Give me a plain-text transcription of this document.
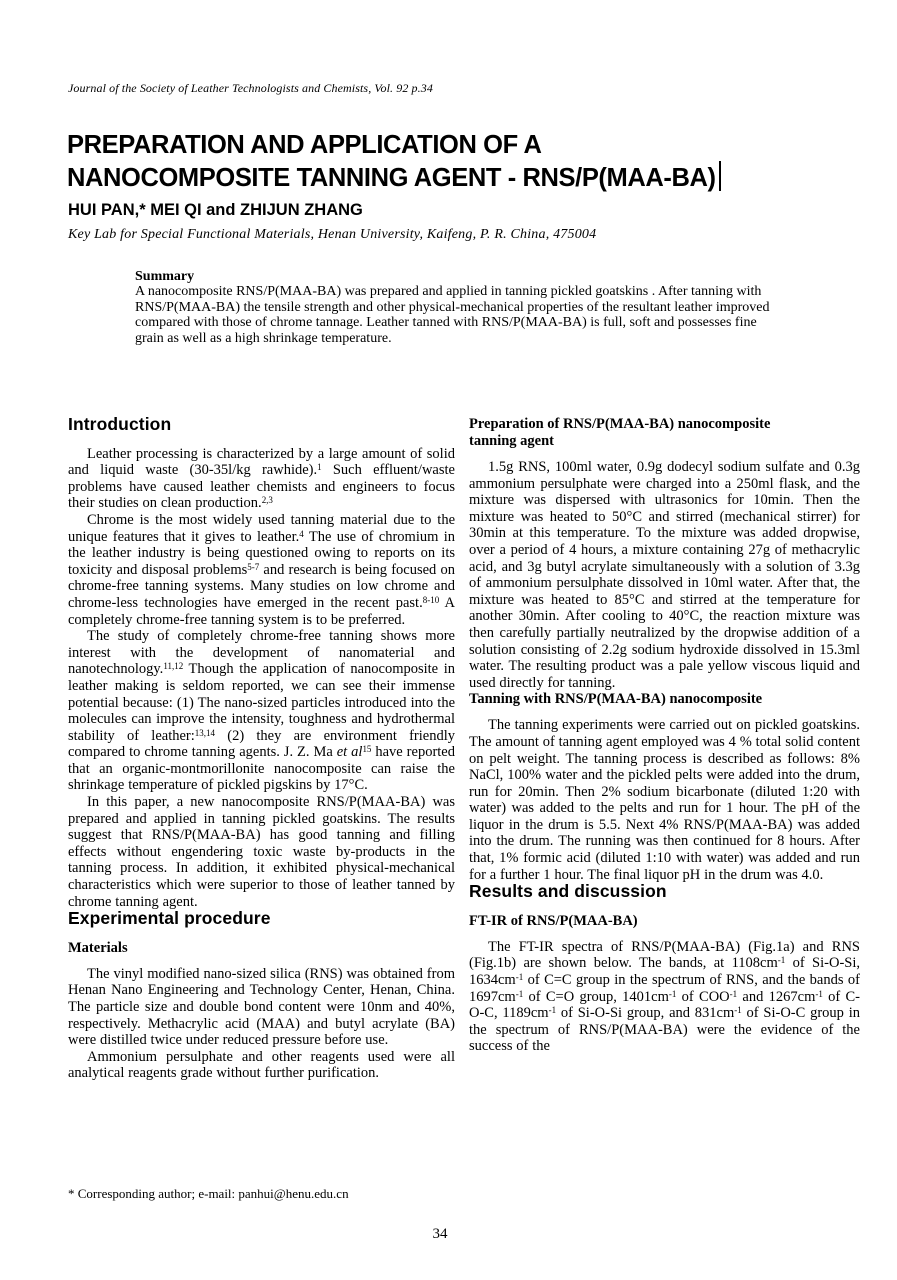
Journal of the Society of Leather Technologists and Chemists, Vol. 92 p.34
PREPARATION AND APPLICATION OF A
NANOCOMPOSITE TANNING AGENT - RNS/P(MAA-BA)
HUI PAN,* MEI QI and ZHIJUN ZHANG
Key Lab for Special Functional Materials, Henan University, Kaifeng, P. R. China, 475004
Summary

A nanocomposite RNS/P(MAA-BA) was prepared and applied in tanning pickled goatskins . After tanning with RNS/P(MAA-BA) the tensile strength and other physical-mechanical properties of the resultant leather improved compared with those of chrome tannage. Leather tanned with RNS/P(MAA-BA) is full, soft and possesses fine grain as well as a high shrinkage temperature.

Introduction

Leather processing is characterized by a large amount of solid and liquid waste (30-35l/kg rawhide).$^1$ Such effluent/waste problems have caused leather chemists and engineers to focus their studies on clean production.$^{2,3}$

Chrome is the most widely used tanning material due to the unique features that it gives to leather.$^4$ The use of chromium in the leather industry is being questioned owing to reports on its toxicity and disposal problems$^{5-7}$ and research is being focused on chrome-free tanning systems. Many studies on low chrome and chrome-less technologies have emerged in the recent past.$^{8-10}$ A completely chrome-free tanning system is to be preferred.

The study of completely chrome-free tanning shows more interest with the development of nanomaterial and nanotechnology.$^{11,12}$ Though the application of nanocomposite in leather making is seldom reported, we can see their immense potential because: (1) The nano-sized particles introduced into the molecules can improve the intensity, toughness and hydrothermal stability of leather:$^{13,14}$ (2) they are environment friendly compared to chrome tanning agents. J. Z. Ma et $al^{15}$ have reported that an organic-montmorillonite nanocomposite can raise the shrinkage temperature of pickled pigskins by 17°C.

In this paper, a new nanocomposite RNS/P(MAA-BA) was prepared and applied in tanning pickled goatskins. The results suggest that RNS/P(MAA-BA) has good tanning and filling effects without engendering toxic waste by-products in the tanning process. In addition, it exhibited physical-mechanical characteristics which were superior to those of leather tanned by chrome tanning agent.

Experimental procedure
Materials

The vinyl modified nano-sized silica (RNS) was obtained from Henan Nano Engineering and Technology Center, Henan, China. The particle size and double bond content were 10nm and 40%, respectively. Methacrylic acid (MAA) and butyl acrylate (BA) were distilled twice under reduced pressure before use.

Ammonium persulphate and other reagents used were all analytical reagents grade without further purification.

Preparation of RNS/P(MAA-BA) nanocomposite tanning agent

1.5g RNS, 100ml water, 0.9g dodecyl sodium sulfate and 0.3g ammonium persulphate were charged into a 250ml flask, and the mixture was dispersed with ultrasonics for 10min. Then the mixture was heated to 50°C and stirred (mechanical stirrer) for 30min at this temperature. To the mixture was added dropwise, over a period of 4 hours, a mixture containing 27g of methacrylic acid, and 3g butyl acrylate simultaneously with a solution of 3.3g of ammonium persulphate dissolved in 10ml water. After that, the mixture was heated to 85°C and stirred at the temperature for another 30min. After cooling to 40°C, the reaction mixture was then carefully partially neutralized by the dropwise addition of a solution consisting of 2.2g sodium hydroxide dissolved in 15.3ml water. The resulting product was a pale yellow viscous liquid and used directly for tanning.

Tanning with RNS/P(MAA-BA) nanocomposite

The tanning experiments were carried out on pickled goatskins. The amount of tanning agent employed was 4 % total solid content on pelt weight. The tanning process is described as follows: 8% NaCl, 100% water and the pickled pelts were added into the drum, run for 20min. Then 2% sodium bicarbonate (diluted 1:20 with water) was added to the pelts and run for 1 hour. The pH of the liquor in the drum is 5.5. Next 4% RNS/P(MAA-BA) was added into the drum. The running was then continued for 8 hours. After that, 1% formic acid (diluted 1:10 with water) was added and run for a further 1 hour. The final liquor pH in the drum was 4.0.

Results and discussion
FT-IR of RNS/P(MAA-BA)

The FT-IR spectra of RNS/P(MAA-BA) (Fig.1a) and RNS (Fig.1b) are shown below. The bands, at $1108cm^{-1}$ of Si-O-Si, $1634cm^{-1}$ of C=C group in the spectrum of RNS, and the bands of $1697cm^{-1}$ of C=O group, $1401cm^{-1}$ of $COO^{-1}$ and $1267cm^{-1}$ of C-O-C, $1189cm^{-1}$ of Si-O-Si group, and $831cm^{-1}$ of Si-O-C group in the spectrum of RNS/P(MAA-BA) were the evidence of the success of the

* Corresponding author; e-mail: panhui@henu.edu.cn
34
